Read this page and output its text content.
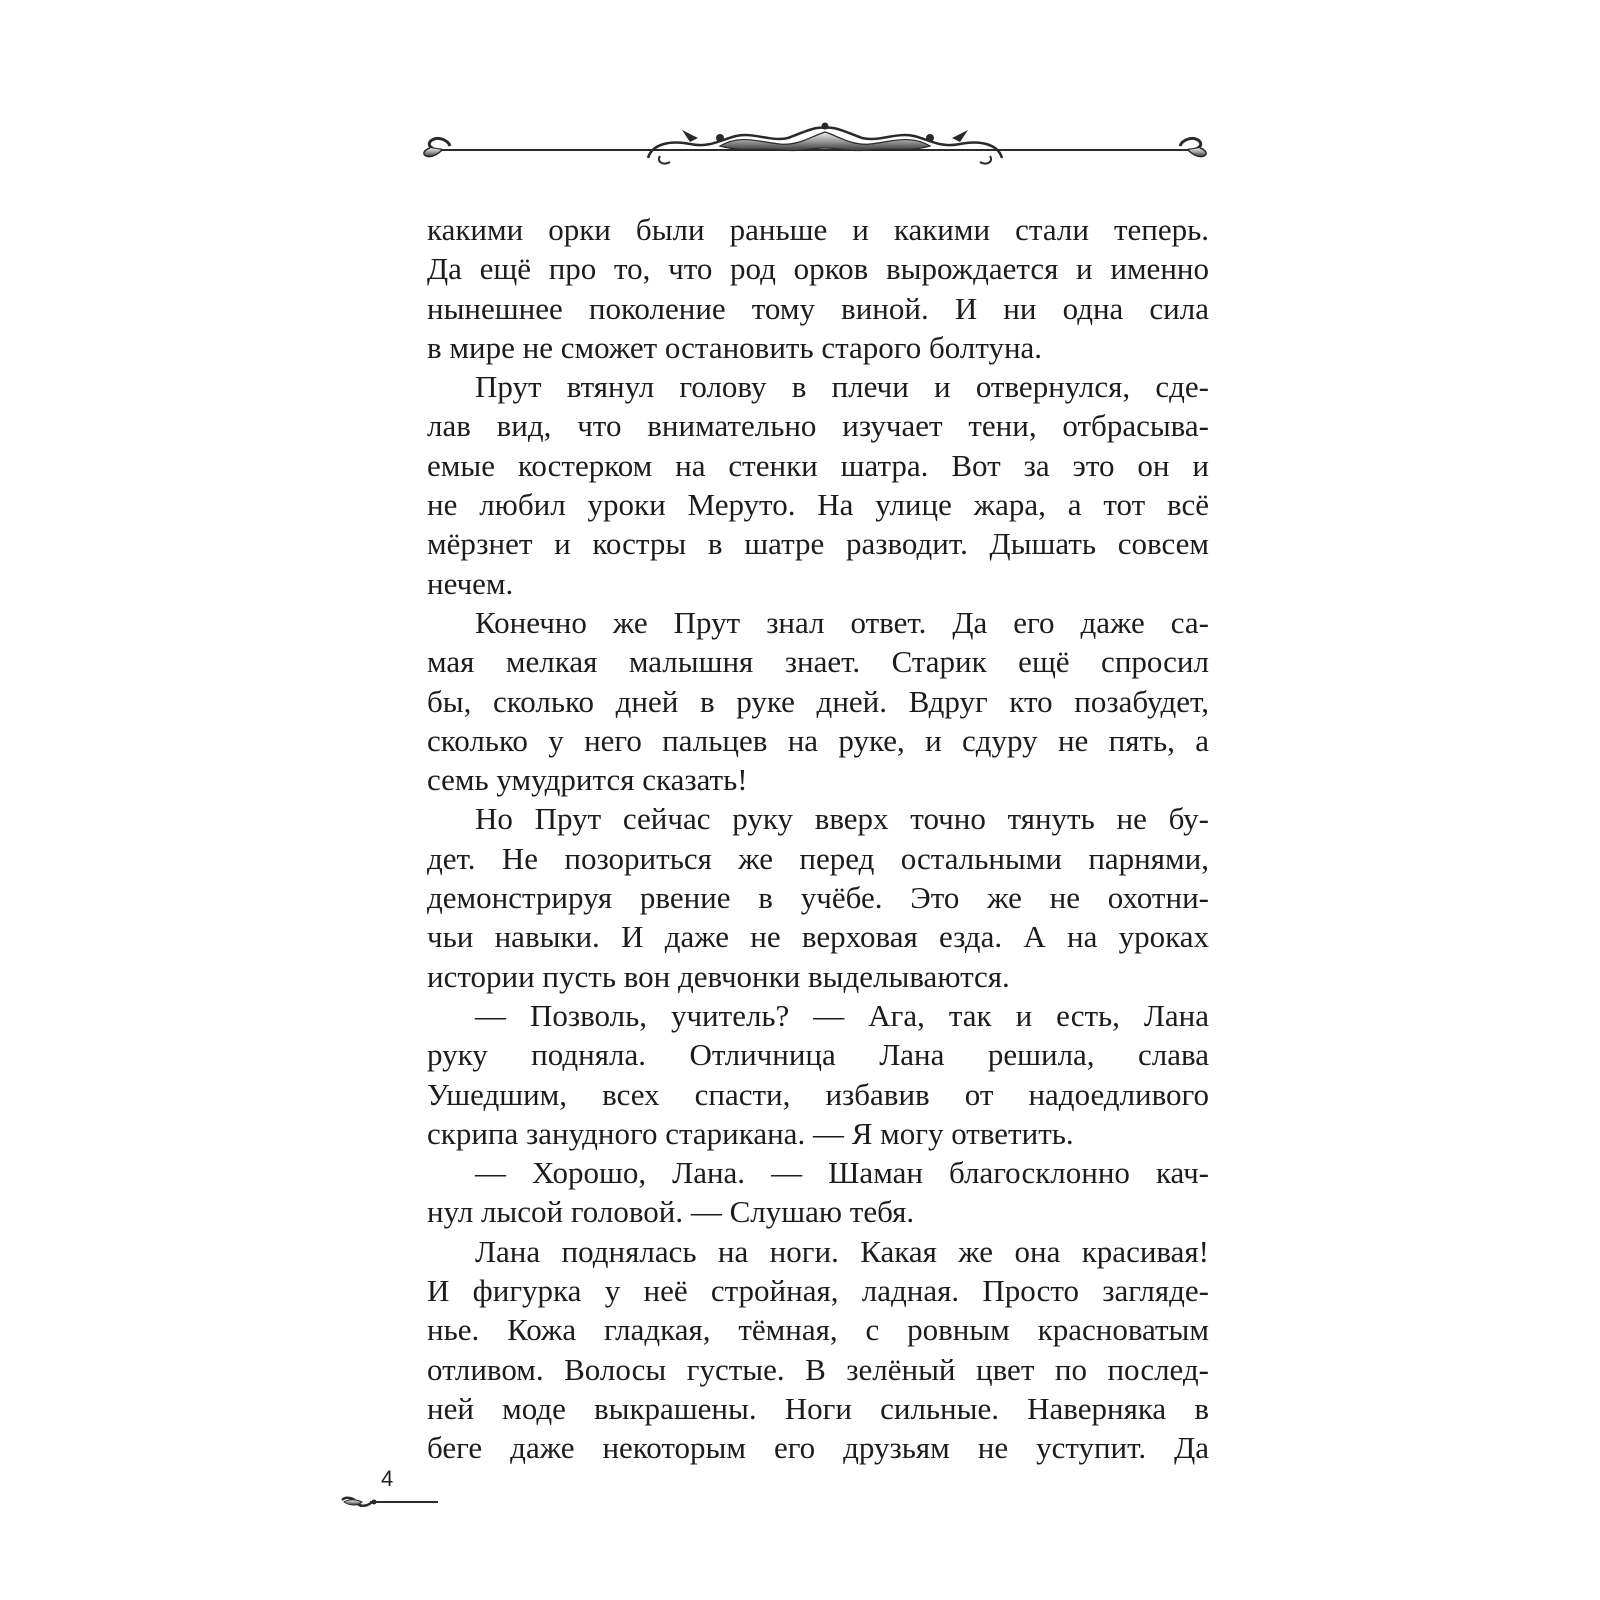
какими орки были раньше и какими стали теперь.
Да ещё про то, что род орков вырождается и именно
нынешнее поколение тому виной. И ни одна сила
в мире не сможет остановить старого болтуна.
Прут втянул голову в плечи и отвернулся, сде-
лав вид, что внимательно изучает тени, отбрасыва-
емые костерком на стенки шатра. Вот за это он и
не любил уроки Меруто. На улице жара, а тот всё
мёрзнет и костры в шатре разводит. Дышать совсем
нечем.
Конечно же Прут знал ответ. Да его даже са-
мая мелкая малышня знает. Старик ещё спросил
бы, сколько дней в руке дней. Вдруг кто позабудет,
сколько у него пальцев на руке, и сдуру не пять, а
семь умудрится сказать!
Но Прут сейчас руку вверх точно тянуть не бу-
дет. Не позориться же перед остальными парнями,
демонстрируя рвение в учёбе. Это же не охотни-
чьи навыки. И даже не верховая езда. А на уроках
истории пусть вон девчонки выделываются.
— Позволь, учитель? — Ага, так и есть, Лана
руку подняла. Отличница Лана решила, слава
Ушедшим, всех спасти, избавив от надоедливого
скрипа занудного старикана. — Я могу ответить.
— Хорошо, Лана. — Шаман благосклонно кач-
нул лысой головой. — Слушаю тебя.
Лана поднялась на ноги. Какая же она красивая!
И фигурка у неё стройная, ладная. Просто загляде-
нье. Кожа гладкая, тёмная, с ровным красноватым
отливом. Волосы густые. В зелёный цвет по послед-
ней моде выкрашены. Ноги сильные. Наверняка в
беге даже некоторым его друзьям не уступит. Да
4
